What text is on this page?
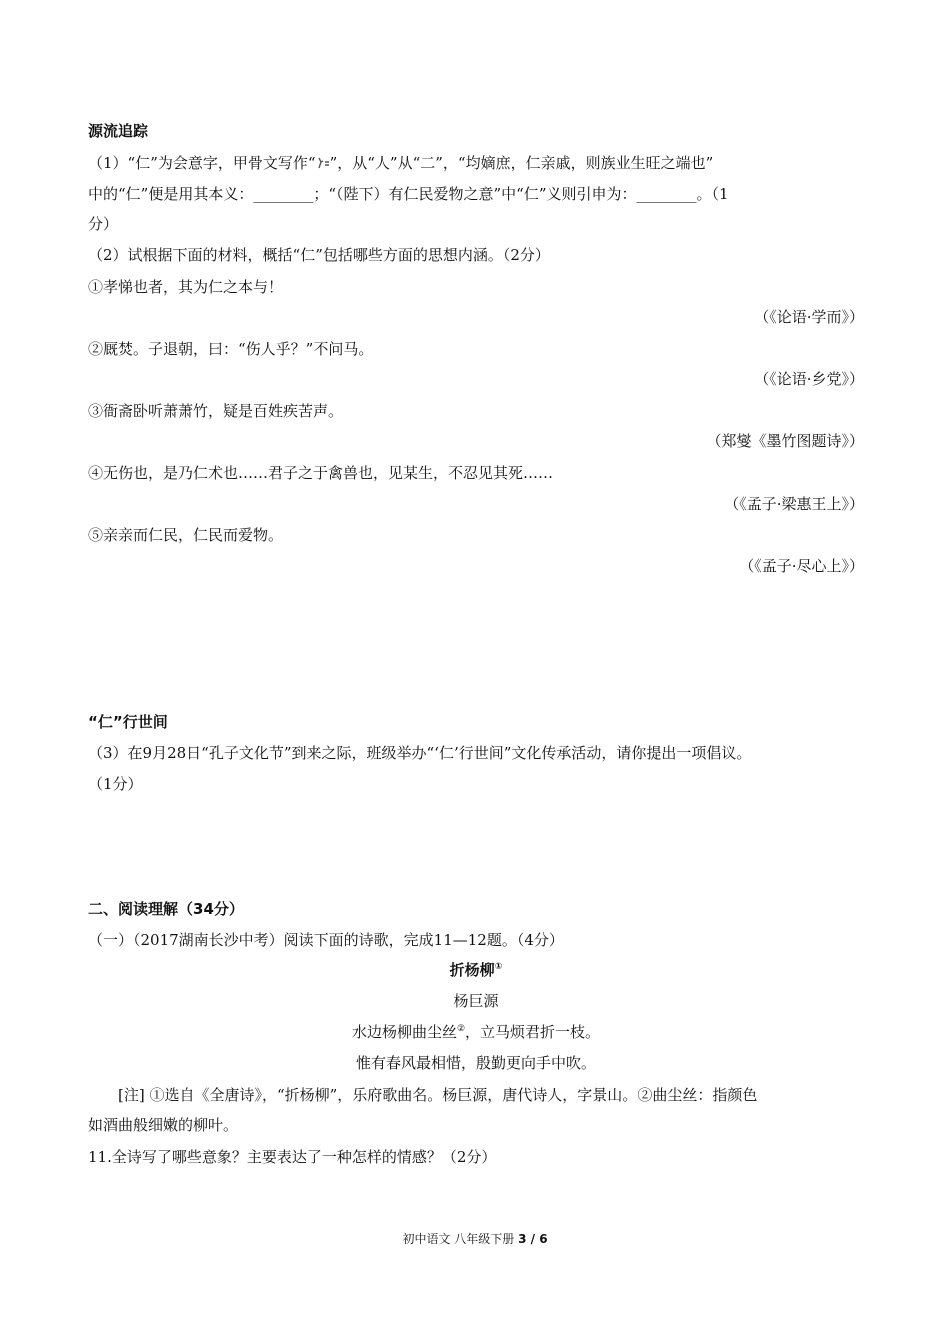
源流追踪
（1）“仁”为会意字，甲骨文写作“ ”，从“人”从“二”，“均嫡庶，仁亲戚，则族业生旺之端也”
中的“仁”便是用其本义：________；“（陛下）有仁民爱物之意”中“仁”义则引申为：________。（1
分）
（2）试根据下面的材料，概括“仁”包括哪些方面的思想内涵。（2分）
①孝悌也者，其为仁之本与！
（《论语·学而》）
②厩焚。子退朝，曰：“伤人乎？”不问马。
（《论语·乡党》）
③衙斋卧听萧萧竹，疑是百姓疾苦声。
（郑燮《墨竹图题诗》）
④无伤也，是乃仁术也……君子之于禽兽也，见某生，不忍见其死……
（《孟子·梁惠王上》）
⑤亲亲而仁民，仁民而爱物。
（《孟子·尽心上》）
“仁”行世间
（3）在9月28日“孔子文化节”到来之际，班级举办“‘仁’行世间”文化传承活动，请你提出一项倡议。
（1分）
二、阅读理解（34分）
（一）（2017湖南长沙中考）阅读下面的诗歌，完成11—12题。（4分）
折杨柳①
杨巨源
水边杨柳曲尘丝②，立马烦君折一枝。
惟有春风最相惜，殷勤更向手中吹。
[注] ①选自《全唐诗》，“折杨柳”，乐府歌曲名。杨巨源，唐代诗人，字景山。②曲尘丝：指颜色
如酒曲般细嫩的柳叶。
11.全诗写了哪些意象？主要表达了一种怎样的情感？（2分）
初中语文 八年级下册 3 / 6
